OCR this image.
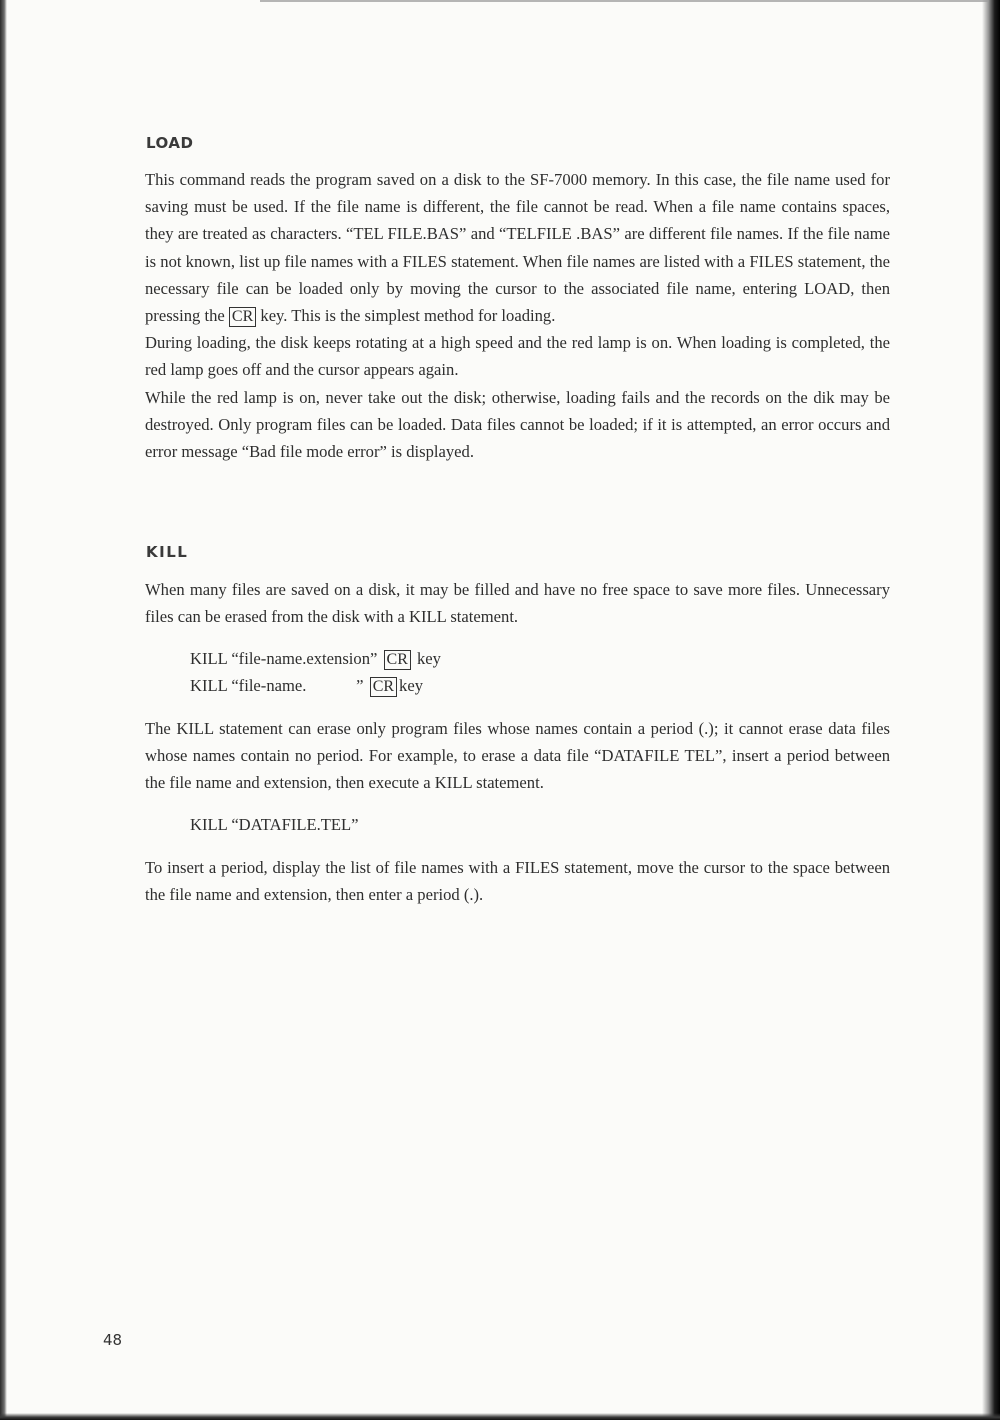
LOAD

This command reads the program saved on a disk to the SF-7000 memory. In this case, the file name used for saving must be used. If the file name is different, the file cannot be read. When a file name contains spaces, they are treated as characters. “TEL FILE.BAS” and “TELFILE .BAS” are different file names. If the file name is not known, list up file names with a FILES statement. When file names are listed with a FILES statement, the necessary file can be loaded only by moving the cursor to the associated file name, entering LOAD, then pressing the CR key. This is the simplest method for loading.

During loading, the disk keeps rotating at a high speed and the red lamp is on. When loading is completed, the red lamp goes off and the cursor appears again.

While the red lamp is on, never take out the disk; otherwise, loading fails and the records on the dik may be destroyed. Only program files can be loaded. Data files cannot be loaded; if it is attempted, an error occurs and error message “Bad file mode error” is displayed.

KILL
When many files are saved on a disk, it may be filled and have no free space to save more files. Unnecessary files can be erased from the disk with a KILL statement.
KILL “file-name.extension” CR key
KILL “file-name.            ” CR key
The KILL statement can erase only program files whose names contain a period (.); it cannot erase data files whose names contain no period. For example, to erase a data file “DATAFILE TEL”, insert a period between the file name and extension, then execute a KILL statement.
KILL “DATAFILE.TEL”
To insert a period, display the list of file names with a FILES statement, move the cursor to the space between the file name and extension, then enter a period (.).
48
